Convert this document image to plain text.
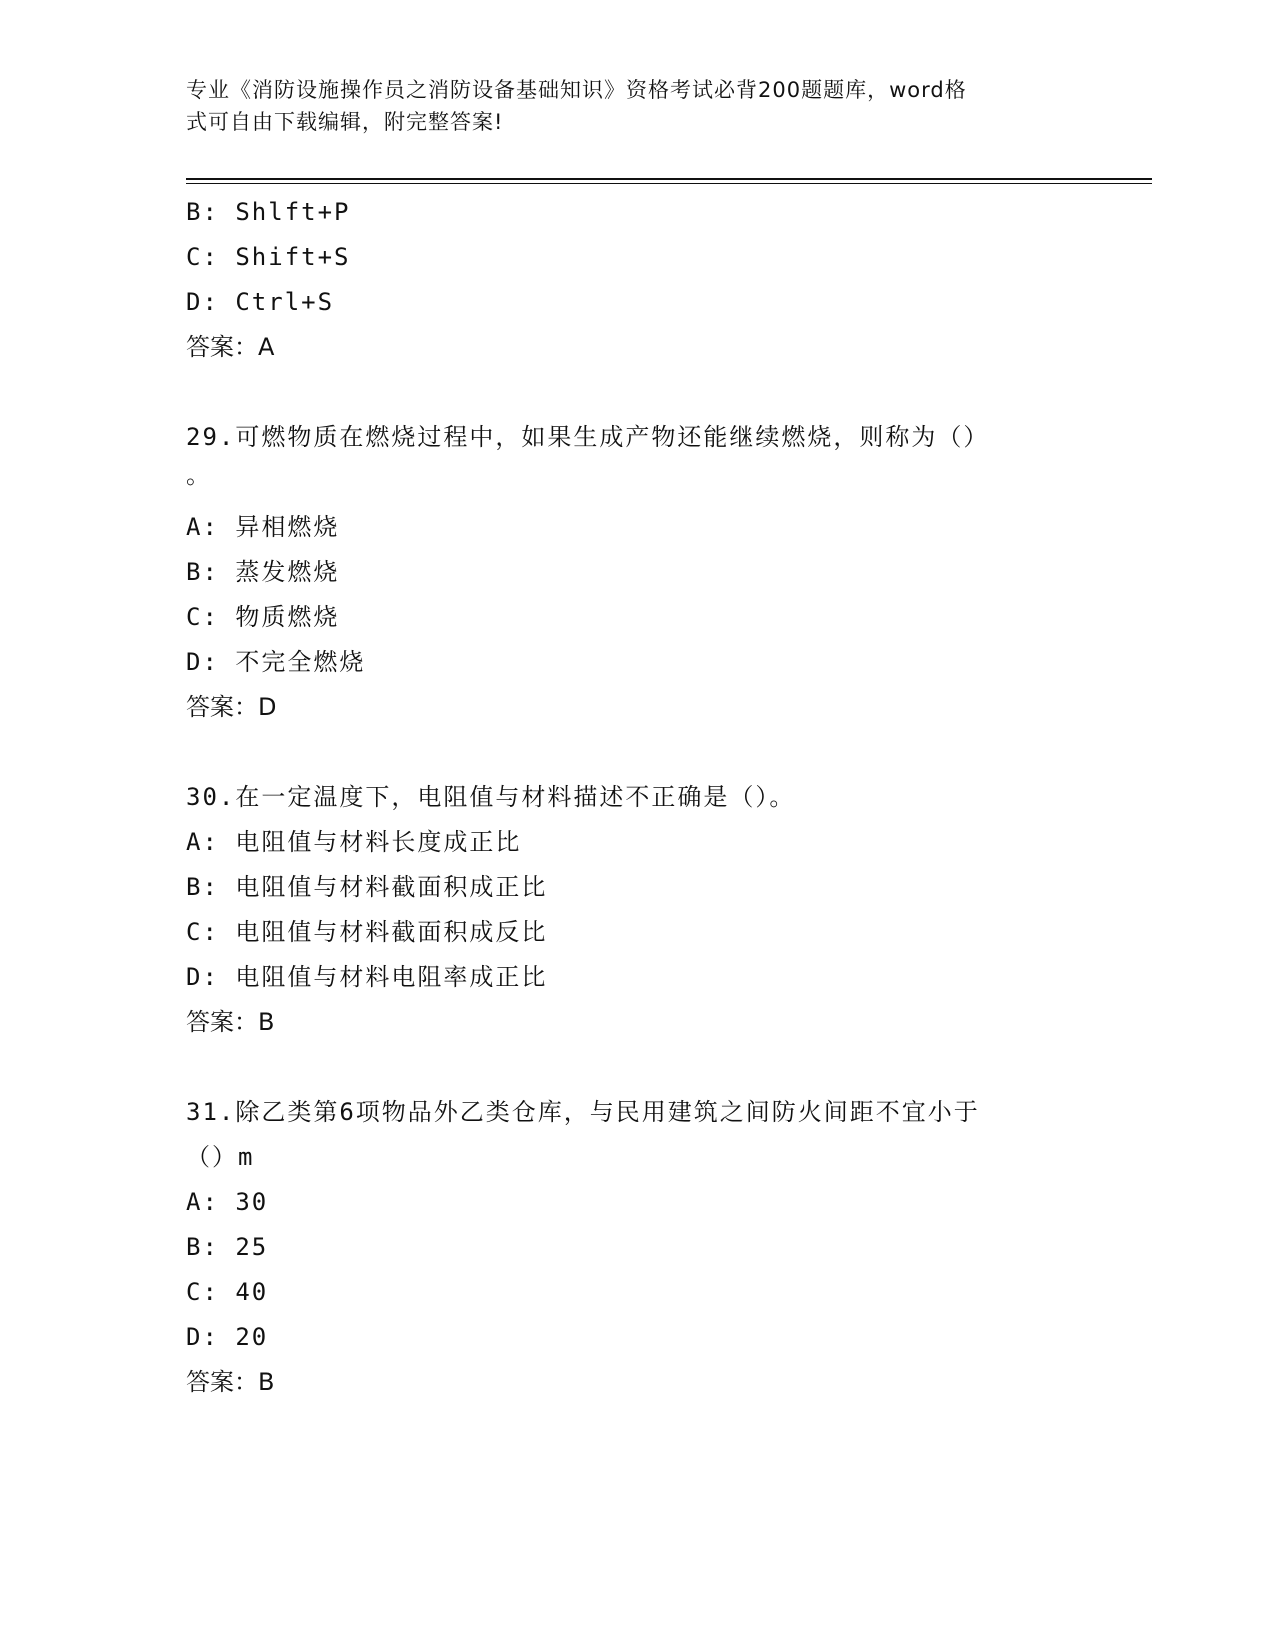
专业《消防设施操作员之消防设备基础知识》资格考试必背200题题库，word格
式可自由下载编辑，附完整答案!
B: Shlft+P
C: Shift+S
D: Ctrl+S
答案：A
29.可燃物质在燃烧过程中，如果生成产物还能继续燃烧，则称为（）
。
A: 异相燃烧
B: 蒸发燃烧
C: 物质燃烧
D: 不完全燃烧
答案：D
30.在一定温度下，电阻值与材料描述不正确是（）。
A: 电阻值与材料长度成正比
B: 电阻值与材料截面积成正比
C: 电阻值与材料截面积成反比
D: 电阻值与材料电阻率成正比
答案：B
31.除乙类第6项物品外乙类仓库，与民用建筑之间防火间距不宜小于
（）m
A: 30
B: 25
C: 40
D: 20
答案：B
